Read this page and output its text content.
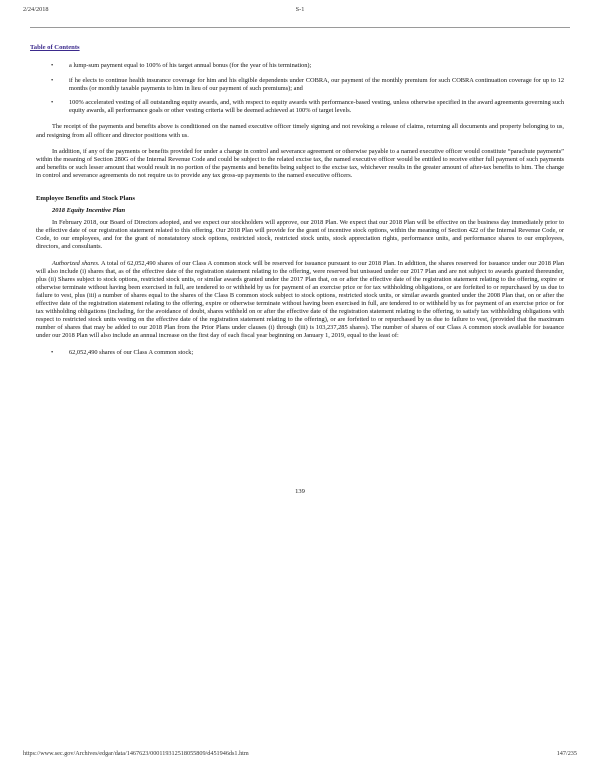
2/24/2018	S-1
Table of Contents
• a lump-sum payment equal to 100% of his target annual bonus (for the year of his termination);
• if he elects to continue health insurance coverage for him and his eligible dependents under COBRA, our payment of the monthly premium for such COBRA continuation coverage for up to 12 months (or monthly taxable payments to him in lieu of our payment of such premiums); and
• 100% accelerated vesting of all outstanding equity awards, and, with respect to equity awards with performance-based vesting, unless otherwise specified in the award agreements governing such equity awards, all performance goals or other vesting criteria will be deemed achieved at 100% of target levels.

The receipt of the payments and benefits above is conditioned on the named executive officer timely signing and not revoking a release of claims, returning all documents and property belonging to us, and resigning from all officer and director positions with us.

In addition, if any of the payments or benefits provided for under a change in control and severance agreement or otherwise payable to a named executive officer would constitute “parachute payments” within the meaning of Section 280G of the Internal Revenue Code and could be subject to the related excise tax, the named executive officer would be entitled to receive either full payment of such payments and benefits or such lesser amount that would result in no portion of the payments and benefits being subject to the excise tax, whichever results in the greater amount of after-tax benefits to him. The change in control and severance agreements do not require us to provide any tax gross-up payments to the named executive officers.

Employee Benefits and Stock Plans
2018 Equity Incentive Plan

In February 2018, our Board of Directors adopted, and we expect our stockholders will approve, our 2018 Plan. We expect that our 2018 Plan will be effective on the business day immediately prior to the effective date of our registration statement related to this offering. Our 2018 Plan will provide for the grant of incentive stock options, within the meaning of Section 422 of the Internal Revenue Code, or Code, to our employees, and for the grant of nonstatutory stock options, restricted stock, restricted stock units, stock appreciation rights, performance units, and performance shares to our employees, directors, and consultants.

Authorized shares. A total of 62,052,490 shares of our Class A common stock will be reserved for issuance pursuant to our 2018 Plan. In addition, the shares reserved for issuance under our 2018 Plan will also include (i) shares that, as of the effective date of the registration statement relating to the offering, were reserved but unissued under our 2017 Plan and are not subject to awards granted thereunder, plus (ii) Shares subject to stock options, restricted stock units, or similar awards granted under the 2017 Plan that, on or after the effective date of the registration statement relating to the offering, expire or otherwise terminate without having been exercised in full, are tendered to or withheld by us for payment of an exercise price or for tax withholding obligations, or are forfeited to or repurchased by us due to failure to vest, plus (iii) a number of shares equal to the shares of the Class B common stock subject to stock options, restricted stock units, or similar awards granted under the 2008 Plan that, on or after the effective date of the registration statement relating to the offering, expire or otherwise terminate without having been exercised in full, are tendered to or withheld by us for payment of an exercise price or for tax withholding obligations (including, for the avoidance of doubt, shares withheld on or after the effective date of the registration statement relating to the offering, to satisfy tax withholding obligations with respect to restricted stock units vesting on the effective date of the registration statement relating to the offering), or are forfeited to or repurchased by us due to failure to vest, (provided that the maximum number of shares that may be added to our 2018 Plan from the Prior Plans under clauses (i) through (iii) is 103,237,285 shares). The number of shares of our Class A common stock available for issuance under our 2018 Plan will also include an annual increase on the first day of each fiscal year beginning on January 1, 2019, equal to the least of:

• 62,052,490 shares of our Class A common stock;
139
https://www.sec.gov/Archives/edgar/data/1467623/000119312518055809/d451946ds1.htm	147/235
